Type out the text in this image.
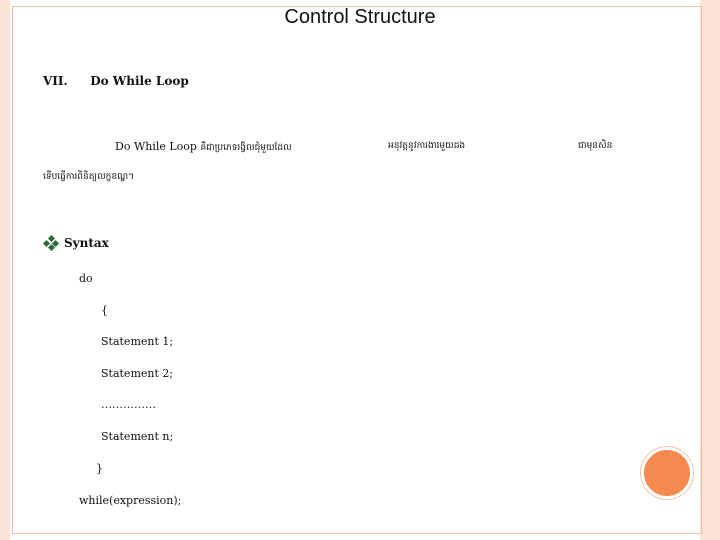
Control Structure
VII. Do While Loop
Do While Loop គឺជាប្រភេទរង្វិលជុំមួយដែល	អនុវត្តនូវការងារមួយដង	ជាមុនសិន
ទើបធ្វើការពិនិត្យលក្ខខណ្ឌ។
Syntax
do
{
Statement 1;
Statement 2;
……………
Statement n;
}
while(expression);
